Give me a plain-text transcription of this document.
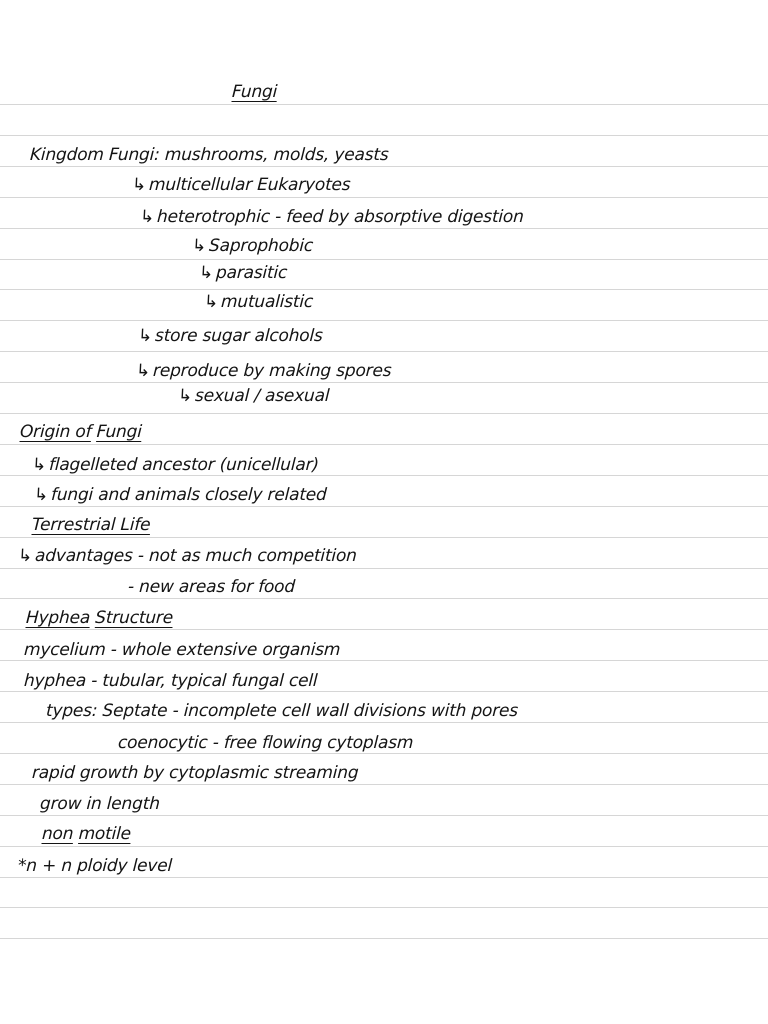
Fungi
Kingdom Fungi: mushrooms, molds, yeasts
↳ multicellular Eukaryotes
↳ heterotrophic - feed by absorptive digestion
↳ Saprophobic
↳ parasitic
↳ mutualistic
↳ store sugar alcohols
↳ reproduce by making spores
↳ sexual / asexual
Origin of Fungi
↳ flagelleted ancestor (unicellular)
↳ fungi and animals closely related
Terrestrial Life
↳ advantages - not as much competition
- new areas for food
Hyphea Structure
mycelium - whole extensive organism
hyphea - tubular, typical fungal cell
types: Septate - incomplete cell wall divisions with pores
coenocytic - free flowing cytoplasm
rapid growth by cytoplasmic streaming
grow in length
non motile
*n + n ploidy level
